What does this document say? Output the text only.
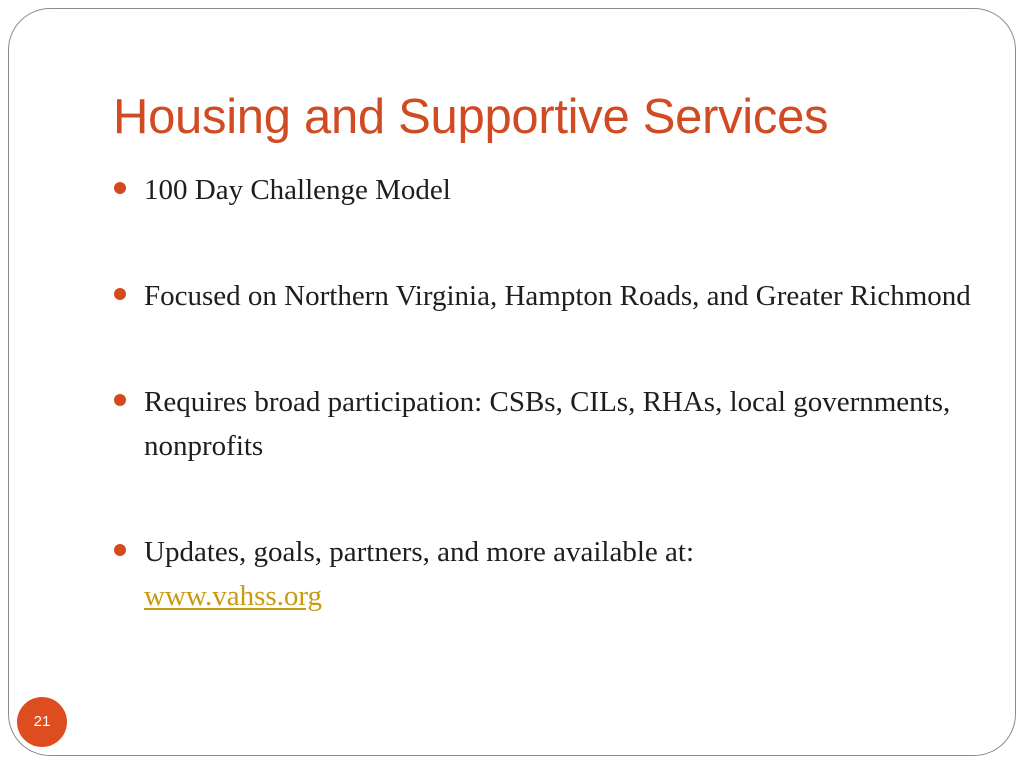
Housing and Supportive Services
100 Day Challenge Model
Focused on Northern Virginia, Hampton Roads, and Greater Richmond
Requires broad participation: CSBs, CILs, RHAs, local governments, nonprofits
Updates, goals, partners, and more available at:
www.vahss.org
21
